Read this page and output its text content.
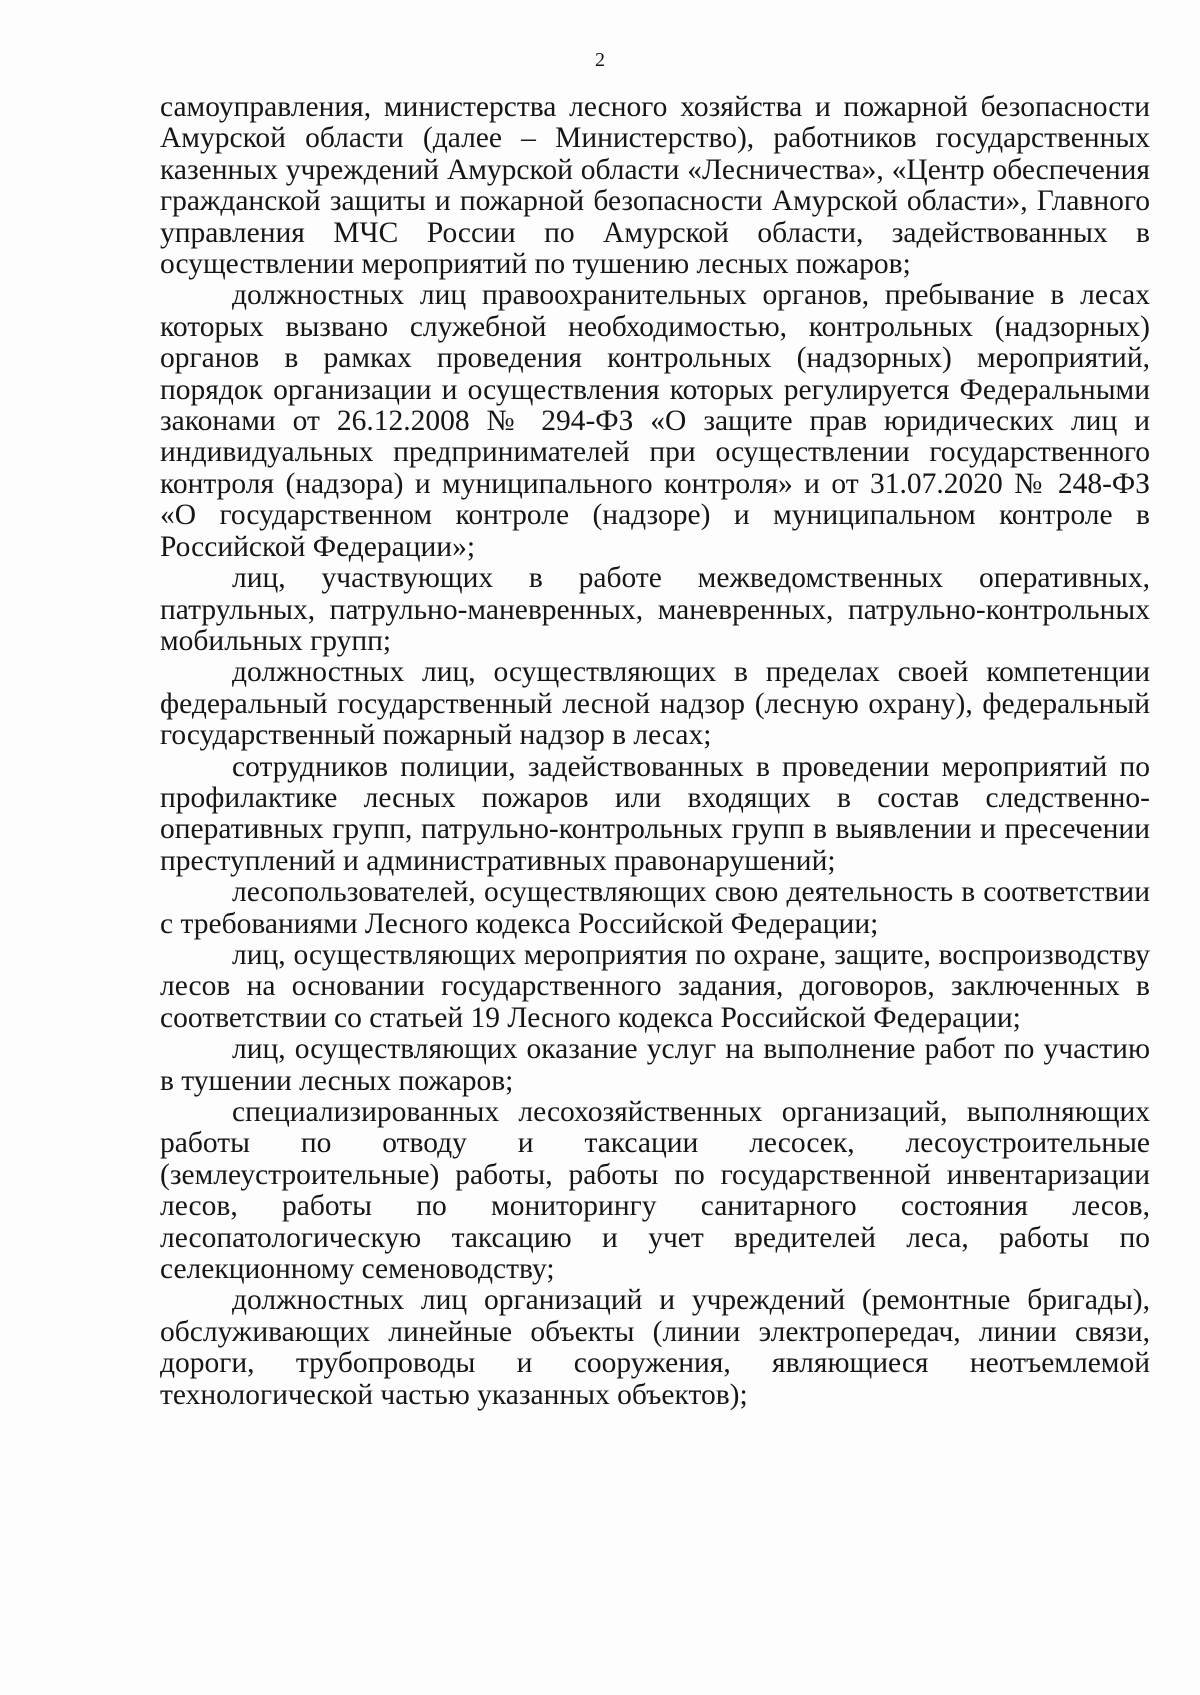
2

самоуправления, министерства лесного хозяйства и пожарной безопасности Амурской области (далее – Министерство), работников государственных казенных учреждений Амурской области «Лесничества», «Центр обеспечения гражданской защиты и пожарной безопасности Амурской области», Главного управления МЧС России по Амурской области, задействованных в осуществлении мероприятий по тушению лесных пожаров;

должностных лиц правоохранительных органов, пребывание в лесах которых вызвано служебной необходимостью, контрольных (надзорных) органов в рамках проведения контрольных (надзорных) мероприятий, порядок организации и осуществления которых регулируется Федеральными законами от 26.12.2008 № 294-ФЗ «О защите прав юридических лиц и индивидуальных предпринимателей при осуществлении государственного контроля (надзора) и муниципального контроля» и от 31.07.2020 № 248-ФЗ «О государственном контроле (надзоре) и муниципальном контроле в Российской Федерации»;

лиц, участвующих в работе межведомственных оперативных, патрульных, патрульно-маневренных, маневренных, патрульно-контрольных мобильных групп;

должностных лиц, осуществляющих в пределах своей компетенции федеральный государственный лесной надзор (лесную охрану), федеральный государственный пожарный надзор в лесах;

сотрудников полиции, задействованных в проведении мероприятий по профилактике лесных пожаров или входящих в состав следственно-оперативных групп, патрульно-контрольных групп в выявлении и пресечении преступлений и административных правонарушений;

лесопользователей, осуществляющих свою деятельность в соответствии с требованиями Лесного кодекса Российской Федерации;

лиц, осуществляющих мероприятия по охране, защите, воспроизводству лесов на основании государственного задания, договоров, заключенных в соответствии со статьей 19 Лесного кодекса Российской Федерации;

лиц, осуществляющих оказание услуг на выполнение работ по участию в тушении лесных пожаров;

специализированных лесохозяйственных организаций, выполняющих работы по отводу и таксации лесосек, лесоустроительные (землеустроительные) работы, работы по государственной инвентаризации лесов, работы по мониторингу санитарного состояния лесов, лесопатологическую таксацию и учет вредителей леса, работы по селекционному семеноводству;

должностных лиц организаций и учреждений (ремонтные бригады), обслуживающих линейные объекты (линии электропередач, линии связи, дороги, трубопроводы и сооружения, являющиеся неотъемлемой технологической частью указанных объектов);
